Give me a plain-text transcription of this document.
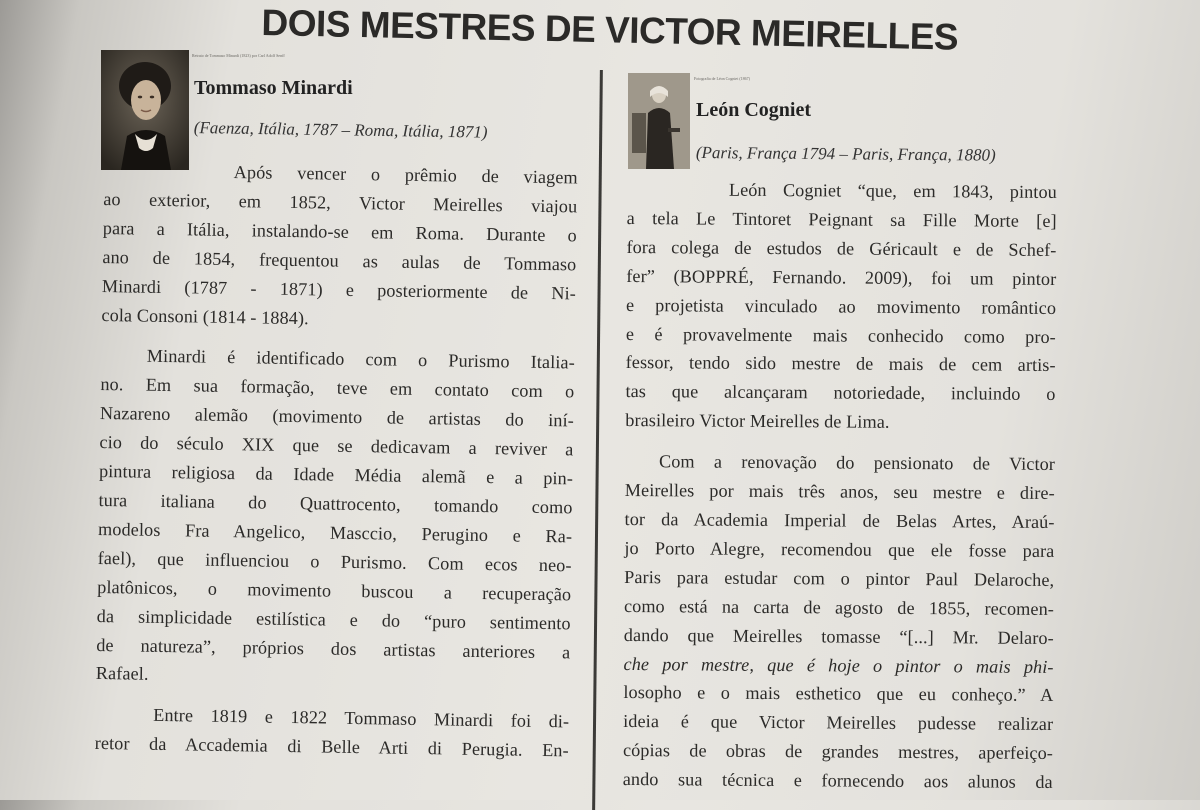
DOIS MESTRES DE VICTOR MEIRELLES
Retrato de Tommaso Minardi (1823) por Carl Adolf Senff
Tommaso Minardi
(Faenza, Itália, 1787 – Roma, Itália, 1871)
Fotografia de Léon Cogniet (1867)
León Cogniet
(Paris, França 1794 – Paris, França, 1880)
Após vencer o prêmio de viagem
ao exterior, em 1852, Victor Meirelles viajou
para a Itália, instalando-se em Roma. Durante o
ano de 1854, frequentou as aulas de Tommaso
Minardi (1787 - 1871) e posteriormente de Ni-
cola Consoni (1814 - 1884).
Minardi é identificado com o Purismo Italia-
no. Em sua formação, teve em contato com o
Nazareno alemão (movimento de artistas do iní-
cio do século XIX que se dedicavam a reviver a
pintura religiosa da Idade Média alemã e a pin-
tura italiana do Quattrocento, tomando como
modelos Fra Angelico, Masccio, Perugino e Ra-
fael), que influenciou o Purismo. Com ecos neo-
platônicos, o movimento buscou a recuperação
da simplicidade estilística e do “puro sentimento
de natureza”, próprios dos artistas anteriores a
Rafael.
Entre 1819 e 1822 Tommaso Minardi foi di-
retor da Accademia di Belle Arti di Perugia. En-
León Cogniet “que, em 1843, pintou
a tela Le Tintoret Peignant sa Fille Morte [e]
fora colega de estudos de Géricault e de Schef-
fer” (BOPPRÉ, Fernando. 2009), foi um pintor
e projetista vinculado ao movimento romântico
e é provavelmente mais conhecido como pro-
fessor, tendo sido mestre de mais de cem artis-
tas que alcançaram notoriedade, incluindo o
brasileiro Victor Meirelles de Lima.
Com a renovação do pensionato de Victor
Meirelles por mais três anos, seu mestre e dire-
tor da Academia Imperial de Belas Artes, Araú-
jo Porto Alegre, recomendou que ele fosse para
Paris para estudar com o pintor Paul Delaroche,
como está na carta de agosto de 1855, recomen-
dando que Meirelles tomasse “[...] Mr. Delaro-
che por mestre, que é hoje o pintor o mais phi-
losopho e o mais esthetico que eu conheço.” A
ideia é que Victor Meirelles pudesse realizar
cópias de obras de grandes mestres, aperfeiço-
ando sua técnica e fornecendo aos alunos da
